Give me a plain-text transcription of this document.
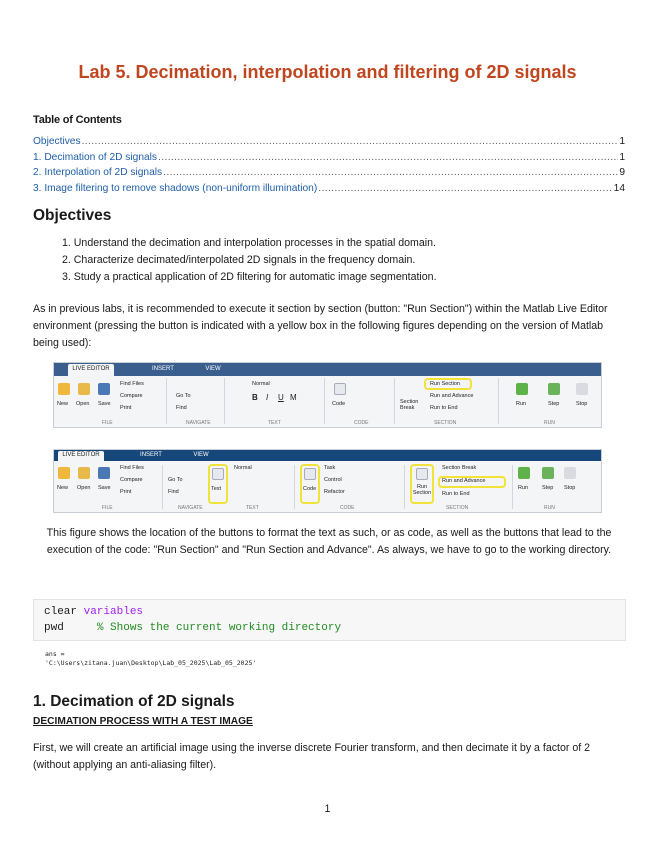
Lab 5. Decimation, interpolation and filtering of 2D signals
Table of Contents
Objectives .....	1
1. Decimation of 2D signals .....	1
2. Interpolation of 2D signals .....	9
3. Image filtering to remove shadows (non-uniform illumination) .....	14
Objectives
1. Understand the decimation and interpolation processes in the spatial domain.
2. Characterize decimated/interpolated 2D signals in the frequency domain.
3. Study a practical application of 2D filtering for automatic image segmentation.
As in previous labs, it is recommended to execute it section by section (button: "Run Section") within the Matlab Live Editor environment (pressing the button is indicated with a yellow box in the following figures depending on the version of Matlab being used):
LIVE EDITOR	INSERT	VIEW
New Open Save
Find Files
Compare
Print
FILE
Go To
Find
NAVIGATE
Normal
B I U M
TEXT
Code
CODE
Section Break
Run Section
Run and Advance
Run to End
SECTION
Run	Step	Stop
RUN
LIVE EDITOR	INSERT	VIEW
New Open Save
Find Files
Compare
Print
FILE
Go To
Find
NAVIGATE
Text
Normal
TEXT
Code
Task
Control
Refactor
CODE
Section Break
Run and Advance
Run to End
Run Section
SECTION
Run	Step Stop
RUN
This figure shows the location of the buttons to format the text as such, or as code, as well as the buttons that lead to the execution of the code: "Run Section" and "Run Section and Advance". As always, we have to go to the working directory.
clear variables
pwd     % Shows the current working directory
ans =
'C:\Users\zitana.juan\Desktop\Lab_05_2025\Lab_05_2025'
1. Decimation of 2D signals
DECIMATION PROCESS WITH A TEST IMAGE
First, we will create an artificial image using the inverse discrete Fourier transform, and then decimate it by a factor of 2 (without applying an anti-aliasing filter).
1
